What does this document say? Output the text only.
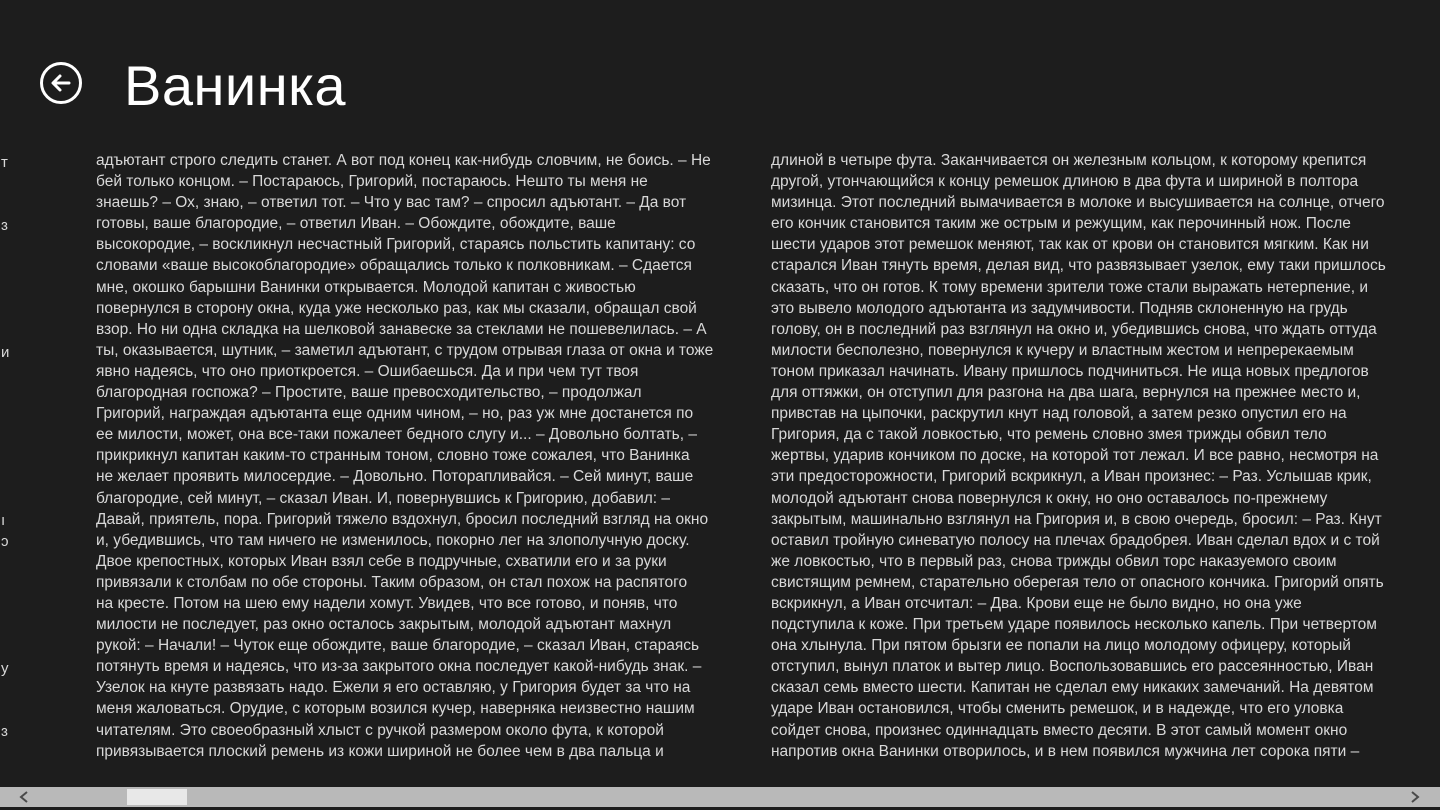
Ванинка
т
ɜ
и
ı
ɔ
y
ɜ
адъютант строго следить станет. А вот под конец как-нибудь словчим, не боись. – Не
бей только концом. – Постараюсь, Григорий, постараюсь. Нешто ты меня не
знаешь? – Ох, знаю, – ответил тот. – Что у вас там? – спросил адъютант. – Да вот
готовы, ваше благородие, – ответил Иван. – Обождите, обождите, ваше
высокородие, – воскликнул несчастный Григорий, стараясь польстить капитану: со
словами «ваше высокоблагородие» обращались только к полковникам. – Сдается
мне, окошко барышни Ванинки открывается. Молодой капитан с живостью
повернулся в сторону окна, куда уже несколько раз, как мы сказали, обращал свой
взор. Но ни одна складка на шелковой занавеске за стеклами не пошевелилась. – А
ты, оказывается, шутник, – заметил адъютант, с трудом отрывая глаза от окна и тоже
явно надеясь, что оно приоткроется. – Ошибаешься. Да и при чем тут твоя
благородная госпожа? – Простите, ваше превосходительство, – продолжал
Григорий, награждая адъютанта еще одним чином, – но, раз уж мне достанется по
ее милости, может, она все-таки пожалеет бедного слугу и... – Довольно болтать, –
прикрикнул капитан каким-то странным тоном, словно тоже сожалея, что Ванинка
не желает проявить милосердие. – Довольно. Поторапливайся. – Сей минут, ваше
благородие, сей минут, – сказал Иван. И, повернувшись к Григорию, добавил: –
Давай, приятель, пора. Григорий тяжело вздохнул, бросил последний взгляд на окно
и, убедившись, что там ничего не изменилось, покорно лег на злополучную доску.
Двое крепостных, которых Иван взял себе в подручные, схватили его и за руки
привязали к столбам по обе стороны. Таким образом, он стал похож на распятого
на кресте. Потом на шею ему надели хомут. Увидев, что все готово, и поняв, что
милости не последует, раз окно осталось закрытым, молодой адъютант махнул
рукой: – Начали! – Чуток еще обождите, ваше благородие, – сказал Иван, стараясь
потянуть время и надеясь, что из-за закрытого окна последует какой-нибудь знак. –
Узелок на кнуте развязать надо. Ежели я его оставляю, у Григория будет за что на
меня жаловаться. Орудие, с которым возился кучер, наверняка неизвестно нашим
читателям. Это своеобразный хлыст с ручкой размером около фута, к которой
привязывается плоский ремень из кожи шириной не более чем в два пальца и
длиной в четыре фута. Заканчивается он железным кольцом, к которому крепится
другой, утончающийся к концу ремешок длиною в два фута и шириной в полтора
мизинца. Этот последний вымачивается в молоке и высушивается на солнце, отчего
его кончик становится таким же острым и режущим, как перочинный нож. После
шести ударов этот ремешок меняют, так как от крови он становится мягким. Как ни
старался Иван тянуть время, делая вид, что развязывает узелок, ему таки пришлось
сказать, что он готов. К тому времени зрители тоже стали выражать нетерпение, и
это вывело молодого адъютанта из задумчивости. Подняв склоненную на грудь
голову, он в последний раз взглянул на окно и, убедившись снова, что ждать оттуда
милости бесполезно, повернулся к кучеру и властным жестом и непререкаемым
тоном приказал начинать. Ивану пришлось подчиниться. Не ища новых предлогов
для оттяжки, он отступил для разгона на два шага, вернулся на прежнее место и,
привстав на цыпочки, раскрутил кнут над головой, а затем резко опустил его на
Григория, да с такой ловкостью, что ремень словно змея трижды обвил тело
жертвы, ударив кончиком по доске, на которой тот лежал. И все равно, несмотря на
эти предосторожности, Григорий вскрикнул, а Иван произнес: – Раз. Услышав крик,
молодой адъютант снова повернулся к окну, но оно оставалось по-прежнему
закрытым, машинально взглянул на Григория и, в свою очередь, бросил: – Раз. Кнут
оставил тройную синеватую полосу на плечах брадобрея. Иван сделал вдох и с той
же ловкостью, что в первый раз, снова трижды обвил торс наказуемого своим
свистящим ремнем, старательно оберегая тело от опасного кончика. Григорий опять
вскрикнул, а Иван отсчитал: – Два. Крови еще не было видно, но она уже
подступила к коже. При третьем ударе появилось несколько капель. При четвертом
она хлынула. При пятом брызги ее попали на лицо молодому офицеру, который
отступил, вынул платок и вытер лицо. Воспользовавшись его рассеянностью, Иван
сказал семь вместо шести. Капитан не сделал ему никаких замечаний. На девятом
ударе Иван остановился, чтобы сменить ремешок, и в надежде, что его уловка
сойдет снова, произнес одиннадцать вместо десяти. В этот самый момент окно
напротив окна Ванинки отворилось, и в нем появился мужчина лет сорока пяти –
